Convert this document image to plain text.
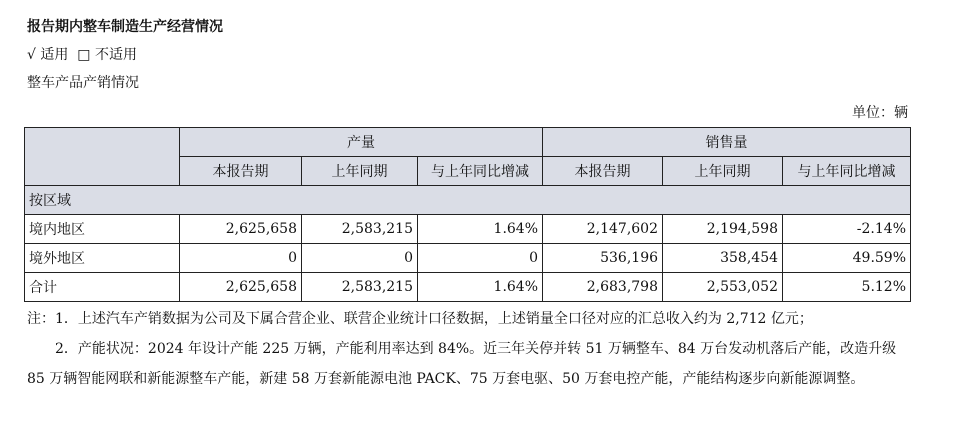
报告期内整车制造生产经营情况
√ 适用 □ 不适用
整车产品产销情况
单位：辆
	产量			销售量		
	本报告期	上年同期	与上年同比增减	本报告期	上年同期	与上年同比增减
按区域						
境内地区	2,625,658	2,583,215	1.64%	2,147,602	2,194,598	-2.14%
境外地区	0	0	0	536,196	358,454	49.59%
合计	2,625,658	2,583,215	1.64%	2,683,798	2,553,052	5.12%

注：1．上述汽车产销数据为公司及下属合营企业、联营企业统计口径数据，上述销量全口径对应的汇总收入约为 2,712 亿元；

2．产能状况：2024 年设计产能 225 万辆，产能利用率达到 84%。近三年关停并转 51 万辆整车、84 万台发动机落后产能，改造升级 85 万辆智能网联和新能源整车产能，新建 58 万套新能源电池 PACK、75 万套电驱、50 万套电控产能，产能结构逐步向新能源调整。
